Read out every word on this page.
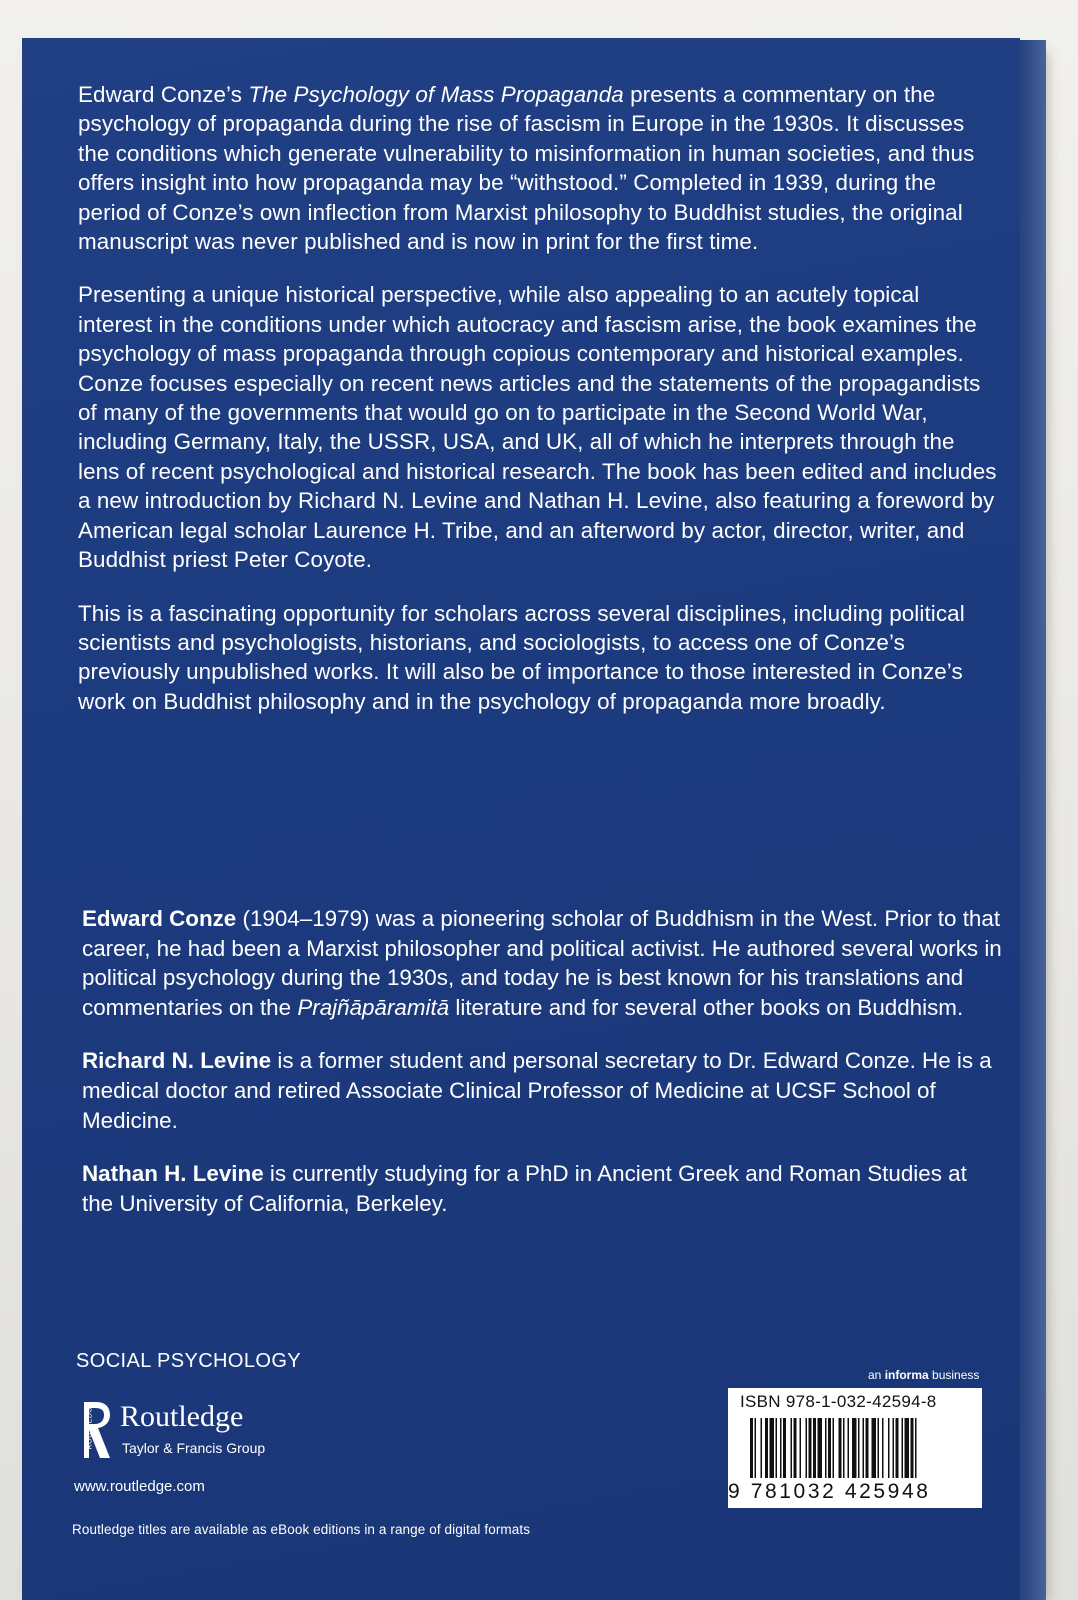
Edward Conze’s The Psychology of Mass Propaganda presents a commentary on the psychology of propaganda during the rise of fascism in Europe in the 1930s. It discusses the conditions which generate vulnerability to misinformation in human societies, and thus offers insight into how propaganda may be “withstood.” Completed in 1939, during the period of Conze’s own inflection from Marxist philosophy to Buddhist studies, the original manuscript was never published and is now in print for the first time.

Presenting a unique historical perspective, while also appealing to an acutely topical interest in the conditions under which autocracy and fascism arise, the book examines the psychology of mass propaganda through copious contemporary and historical examples. Conze focuses especially on recent news articles and the statements of the propagandists of many of the governments that would go on to participate in the Second World War, including Germany, Italy, the USSR, USA, and UK, all of which he interprets through the lens of recent psychological and historical research. The book has been edited and includes a new introduction by Richard N. Levine and Nathan H. Levine, also featuring a foreword by American legal scholar Laurence H. Tribe, and an afterword by actor, director, writer, and Buddhist priest Peter Coyote.

This is a fascinating opportunity for scholars across several disciplines, including political scientists and psychologists, historians, and sociologists, to access one of Conze’s previously unpublished works. It will also be of importance to those interested in Conze’s work on Buddhist philosophy and in the psychology of propaganda more broadly.

Edward Conze (1904–1979) was a pioneering scholar of Buddhism in the West. Prior to that career, he had been a Marxist philosopher and political activist. He authored several works in political psychology during the 1930s, and today he is best known for his translations and commentaries on the Prajñāpāramitā literature and for several other books on Buddhism.

Richard N. Levine is a former student and personal secretary to Dr. Edward Conze. He is a medical doctor and retired Associate Clinical Professor of Medicine at UCSF School of Medicine.

Nathan H. Levine is currently studying for a PhD in Ancient Greek and Roman Studies at the University of California, Berkeley.

SOCIAL PSYCHOLOGY
ROUTLEDGE Routledge
Taylor & Francis Group
www.routledge.com
Routledge titles are available as eBook editions in a range of digital formats
an informa business
ISBN 978-1-032-42594-8
9 781032 425948
